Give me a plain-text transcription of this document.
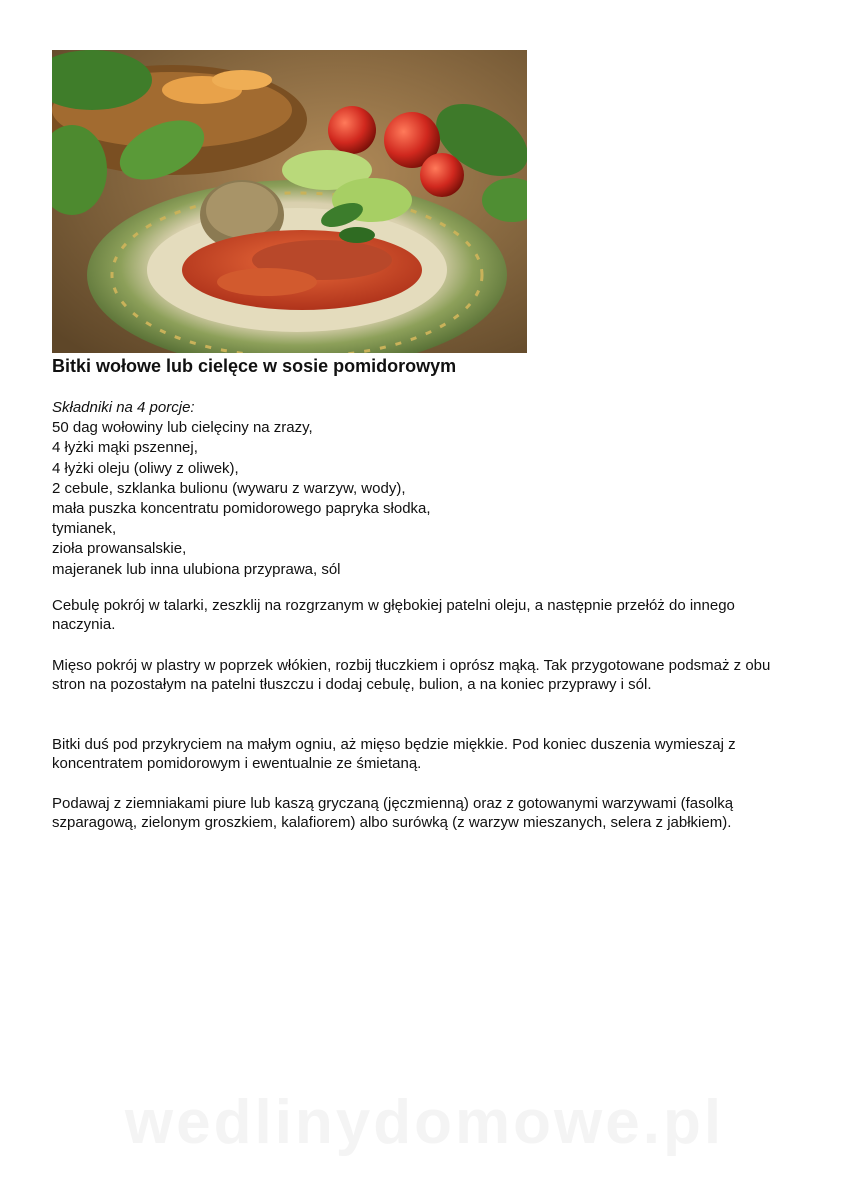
Bitki wołowe lub cielęce w sosie pomidorowym
Składniki na 4 porcje:
50 dag wołowiny lub cielęciny na zrazy,
4 łyżki mąki pszennej,
4 łyżki oleju (oliwy z oliwek),
2 cebule, szklanka bulionu (wywaru z warzyw, wody),
mała puszka koncentratu pomidorowego papryka słodka,
tymianek,
zioła prowansalskie,
majeranek lub inna ulubiona przyprawa, sól

Cebulę pokrój w talarki, zeszklij na rozgrzanym w głębokiej patelni oleju, a następnie przełóż do innego naczynia.

Mięso pokrój w plastry w poprzek włókien, rozbij tłuczkiem i oprósz mąką. Tak przygotowane podsmaż z obu stron na pozostałym na patelni tłuszczu i dodaj cebulę, bulion, a na koniec przyprawy i sól.

Bitki duś pod przykryciem na małym ogniu, aż mięso będzie miękkie. Pod koniec duszenia wymieszaj z koncentratem pomidorowym i ewentualnie ze śmietaną.

Podawaj z ziemniakami piure lub kaszą gryczaną (jęczmienną) oraz z gotowanymi warzywami (fasolką szparagową, zielonym groszkiem, kalafiorem) albo surówką (z warzyw mieszanych, selera z jabłkiem).

wedlinydomowe.pl
